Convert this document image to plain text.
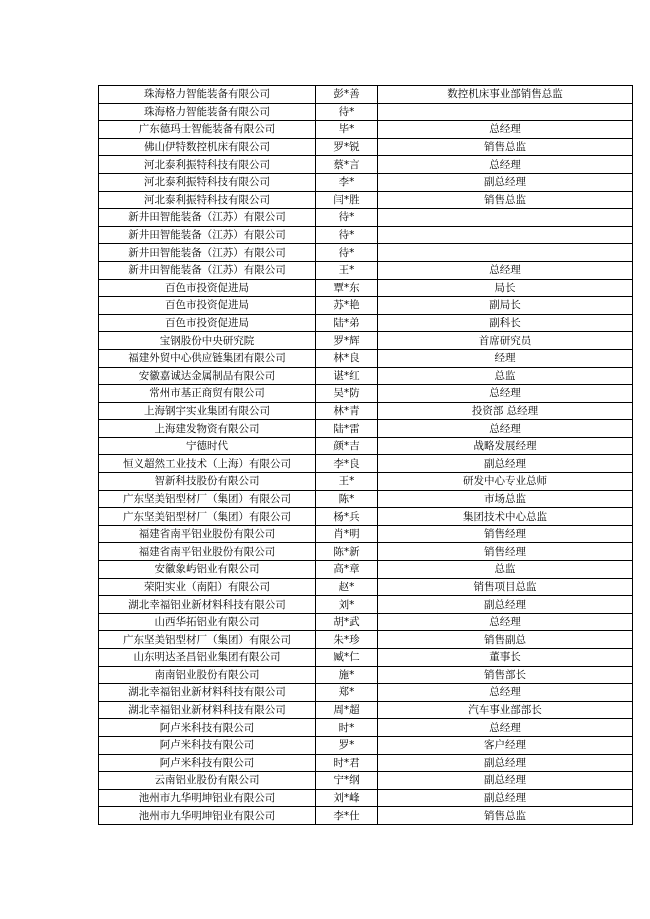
珠海格力智能装备有限公司	彭*善	数控机床事业部销售总监
珠海格力智能装备有限公司	待*	
广东德玛士智能装备有限公司	毕*	总经理
佛山伊特数控机床有限公司	罗*锐	销售总监
河北泰利振特科技有限公司	蔡*言	总经理
河北泰利振特科技有限公司	李*	副总经理
河北泰利振特科技有限公司	闫*胜	销售总监
新井田智能装备（江苏）有限公司	待*	
新井田智能装备（江苏）有限公司	待*	
新井田智能装备（江苏）有限公司	待*	
新井田智能装备（江苏）有限公司	王*	总经理
百色市投资促进局	覃*东	局长
百色市投资促进局	苏*艳	副局长
百色市投资促进局	陆*弟	副科长
宝钢股份中央研究院	罗*辉	首席研究员
福建外贸中心供应链集团有限公司	林*良	经理
安徽嘉诚达金属制品有限公司	谌*红	总监
常州市基正商贸有限公司	吴*防	总经理
上海钢宇实业集团有限公司	林*青	投资部 总经理
上海建发物资有限公司	陆*雷	总经理
宁德时代	颜*吉	战略发展经理
恒义超然工业技术（上海）有限公司	李*良	副总经理
智新科技股份有限公司	王*	研发中心专业总师
广东坚美铝型材厂（集团）有限公司	陈*	市场总监
广东坚美铝型材厂（集团）有限公司	杨*兵	集团技术中心总监
福建省南平铝业股份有限公司	肖*明	销售经理
福建省南平铝业股份有限公司	陈*新	销售经理
安徽象屿铝业有限公司	高*章	总监
荣阳实业（南阳）有限公司	赵*	销售项目总监
湖北幸福铝业新材料科技有限公司	刘*	副总经理
山西华拓铝业有限公司	胡*武	总经理
广东坚美铝型材厂（集团）有限公司	朱*珍	销售副总
山东明达圣昌铝业集团有限公司	臧*仁	董事长
南南铝业股份有限公司	施*	销售部长
湖北幸福铝业新材料科技有限公司	郑*	总经理
湖北幸福铝业新材料科技有限公司	周*超	汽车事业部部长
阿卢米科技有限公司	时*	总经理
阿卢米科技有限公司	罗*	客户经理
阿卢米科技有限公司	时*君	副总经理
云南铝业股份有限公司	宁*纲	副总经理
池州市九华明坤铝业有限公司	刘*峰	副总经理
池州市九华明坤铝业有限公司	李*仕	销售总监
